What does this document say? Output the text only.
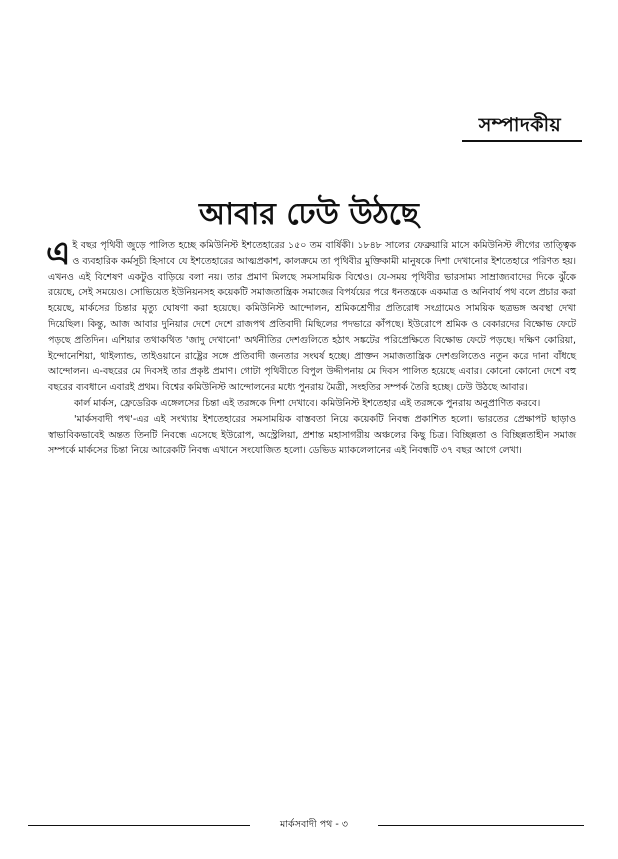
সম্পাদকীয়
আবার ঢেউ উঠছে

এই বছর পৃথিবী জুড়ে পালিত হচ্ছে কমিউনিস্ট ইশতেহারের ১৫০ তম বার্ষিকী। ১৮৪৮ সালের ফেব্রুয়ারি মাসে কমিউনিস্ট লীগের তাত্ত্বিক ও ব্যবহারিক কর্মসূচী হিসাবে যে ইশতেহারের আত্মপ্রকাশ, কালক্রমে তা পৃথিবীর মুক্তিকামী মানুষকে দিশা দেখানোর ইশতেহারে পরিণত হয়। এখনও এই বিশেষণ একটুও বাড়িয়ে বলা নয়। তার প্রমাণ মিলছে সমসাময়িক বিশ্বেও। যে-সময় পৃথিবীর ভারসাম্য সাম্রাজ্যবাদের দিকে ঝুঁকে রয়েছে, সেই সময়েও। সোভিয়েত ইউনিয়নসহ কয়েকটি সমাজতান্ত্রিক সমাজের বিপর্যয়ের পরে ধনতন্ত্রকে একমাত্র ও অনিবার্য পথ বলে প্রচার করা হয়েছে, মার্কসের চিন্তার মৃত্যু ঘোষণা করা হয়েছে। কমিউনিস্ট আন্দোলন, শ্রমিকশ্রেণীর প্রতিরোধ সংগ্রামেও সাময়িক ছত্রভঙ্গ অবস্থা দেখা দিয়েছিল। কিন্তু, আজ আবার দুনিয়ার দেশে দেশে রাজপথ প্রতিবাদী মিছিলের পদভারে কাঁপছে। ইউরোপে শ্রমিক ও বেকারদের বিক্ষোভ ফেটে পড়ছে প্রতিদিন। এশিয়ার তথাকথিত 'জাদু দেখানো' অর্থনীতির দেশগুলিতে হঠাৎ সঙ্কটের পরিপ্রেক্ষিতে বিক্ষোভ ফেটে পড়ছে। দক্ষিণ কোরিয়া, ইন্দোনেশিয়া, থাইল্যান্ড, তাইওয়ানে রাষ্ট্রের সঙ্গে প্রতিবাদী জনতার সংঘর্ষ হচ্ছে। প্রাক্তন সমাজতান্ত্রিক দেশগুলিতেও নতুন করে দানা বাঁধছে আন্দোলন। এ-বছরের মে দিবসই তার প্রকৃষ্ট প্রমাণ। গোটা পৃথিবীতে বিপুল উদ্দীপনায় মে দিবস পালিত হয়েছে এবার। কোনো কোনো দেশে বহু বছরের ব্যবধানে এবারই প্রথম। বিশ্বের কমিউনিস্ট আন্দোলনের মধ্যে পুনরায় মৈত্রী, সংহতির সম্পর্ক তৈরি হচ্ছে। ঢেউ উঠছে আবার।

কার্ল মার্কস, ফ্রেডেরিক এঙ্গেলসের চিন্তা এই তরঙ্গকে দিশা দেখাবে। কমিউনিস্ট ইশতেহার এই তরঙ্গকে পুনরায় অনুপ্রাণিত করবে।

'মার্কসবাদী পথ'-এর এই সংখ্যায় ইশতেহারের সমসাময়িক বাস্তবতা নিয়ে কয়েকটি নিবন্ধ প্রকাশিত হলো। ভারতের প্রেক্ষাপট ছাড়াও স্বাভাবিকভাবেই অন্তত তিনটি নিবন্ধে এসেছে ইউরোপ, অস্ট্রেলিয়া, প্রশান্ত মহাসাগরীয় অঞ্চলের কিছু চিত্র। বিচ্ছিন্নতা ও বিচ্ছিন্নতাহীন সমাজ সম্পর্কে মার্কসের চিন্তা নিয়ে আরেকটি নিবন্ধ এখানে সংযোজিত হলো। ডেভিড ম্যাকলেলানের এই নিবন্ধটি ৩৭ বছর আগে লেখা।

মার্কসবাদী পথ - ৩
